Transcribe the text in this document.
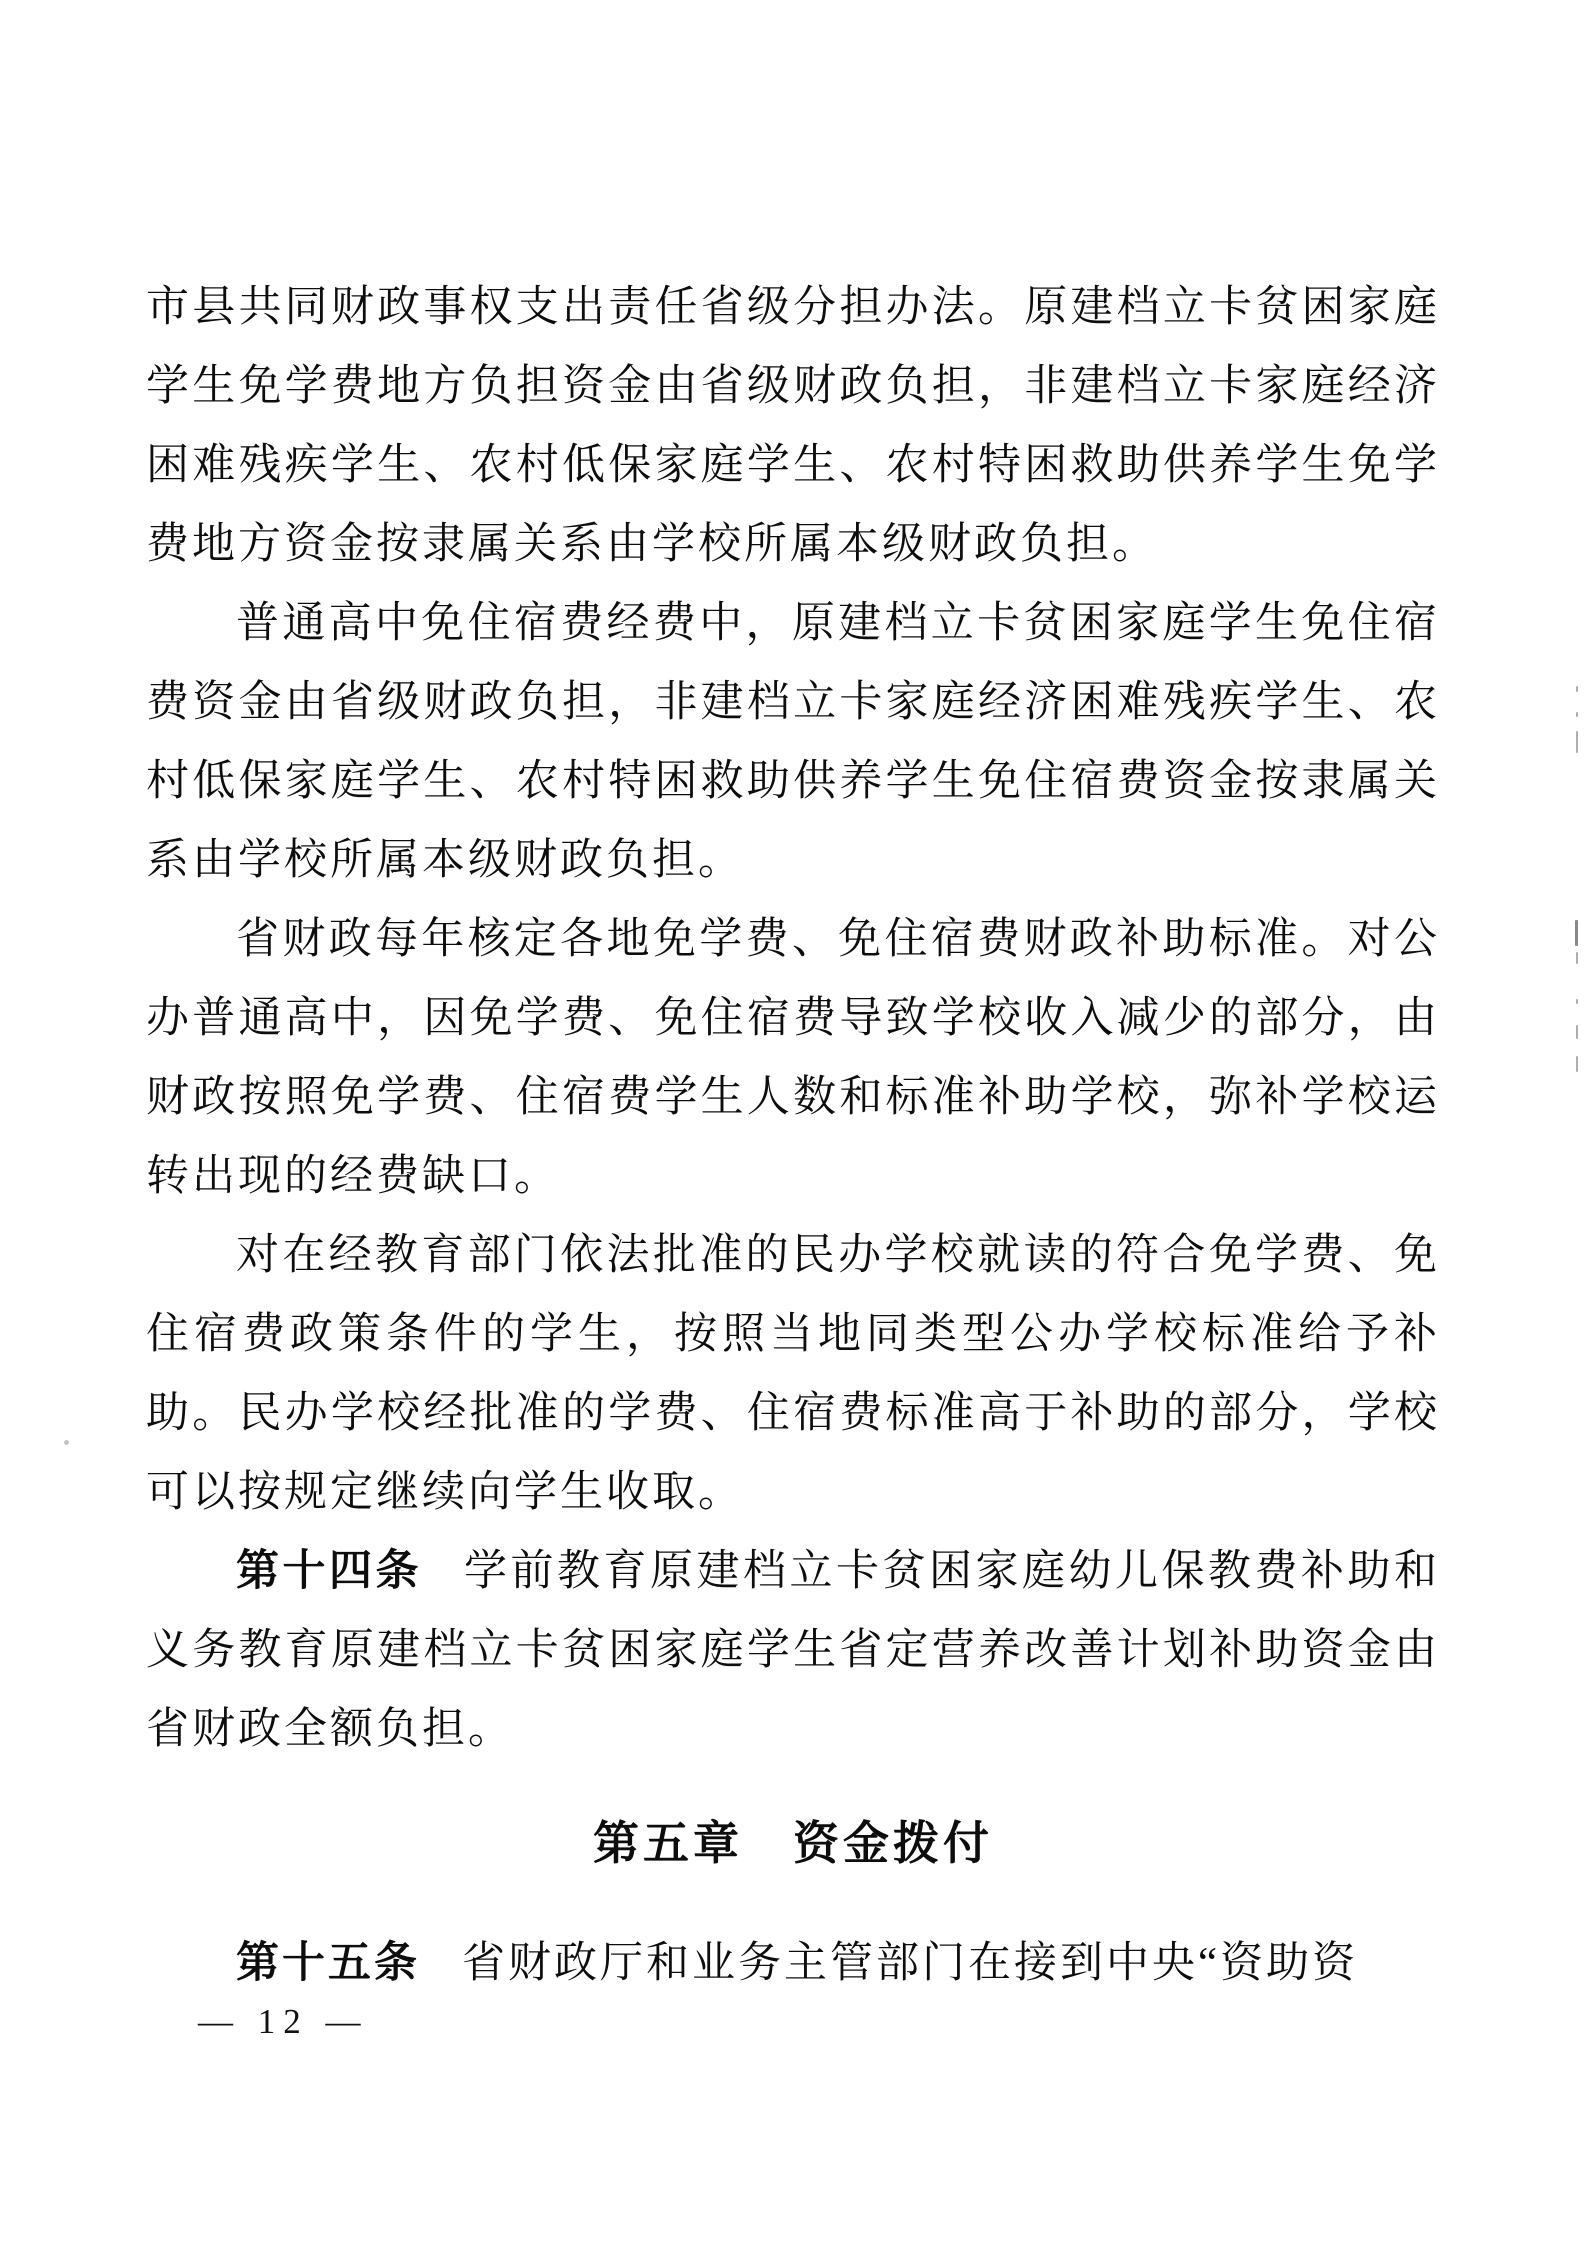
市县共同财政事权支出责任省级分担办法。原建档立卡贫困家庭学生免学费地方负担资金由省级财政负担，非建档立卡家庭经济困难残疾学生、农村低保家庭学生、农村特困救助供养学生免学费地方资金按隶属关系由学校所属本级财政负担。

普通高中免住宿费经费中，原建档立卡贫困家庭学生免住宿费资金由省级财政负担，非建档立卡家庭经济困难残疾学生、农村低保家庭学生、农村特困救助供养学生免住宿费资金按隶属关系由学校所属本级财政负担。

省财政每年核定各地免学费、免住宿费财政补助标准。对公办普通高中，因免学费、免住宿费导致学校收入减少的部分，由财政按照免学费、住宿费学生人数和标准补助学校，弥补学校运转出现的经费缺口。

对在经教育部门依法批准的民办学校就读的符合免学费、免住宿费政策条件的学生，按照当地同类型公办学校标准给予补助。民办学校经批准的学费、住宿费标准高于补助的部分，学校可以按规定继续向学生收取。

第十四条 学前教育原建档立卡贫困家庭幼儿保教费补助和义务教育原建档立卡贫困家庭学生省定营养改善计划补助资金由省财政全额负担。

第五章　资金拨付

第十五条 省财政厅和业务主管部门在接到中央“资助资

— 12 —
